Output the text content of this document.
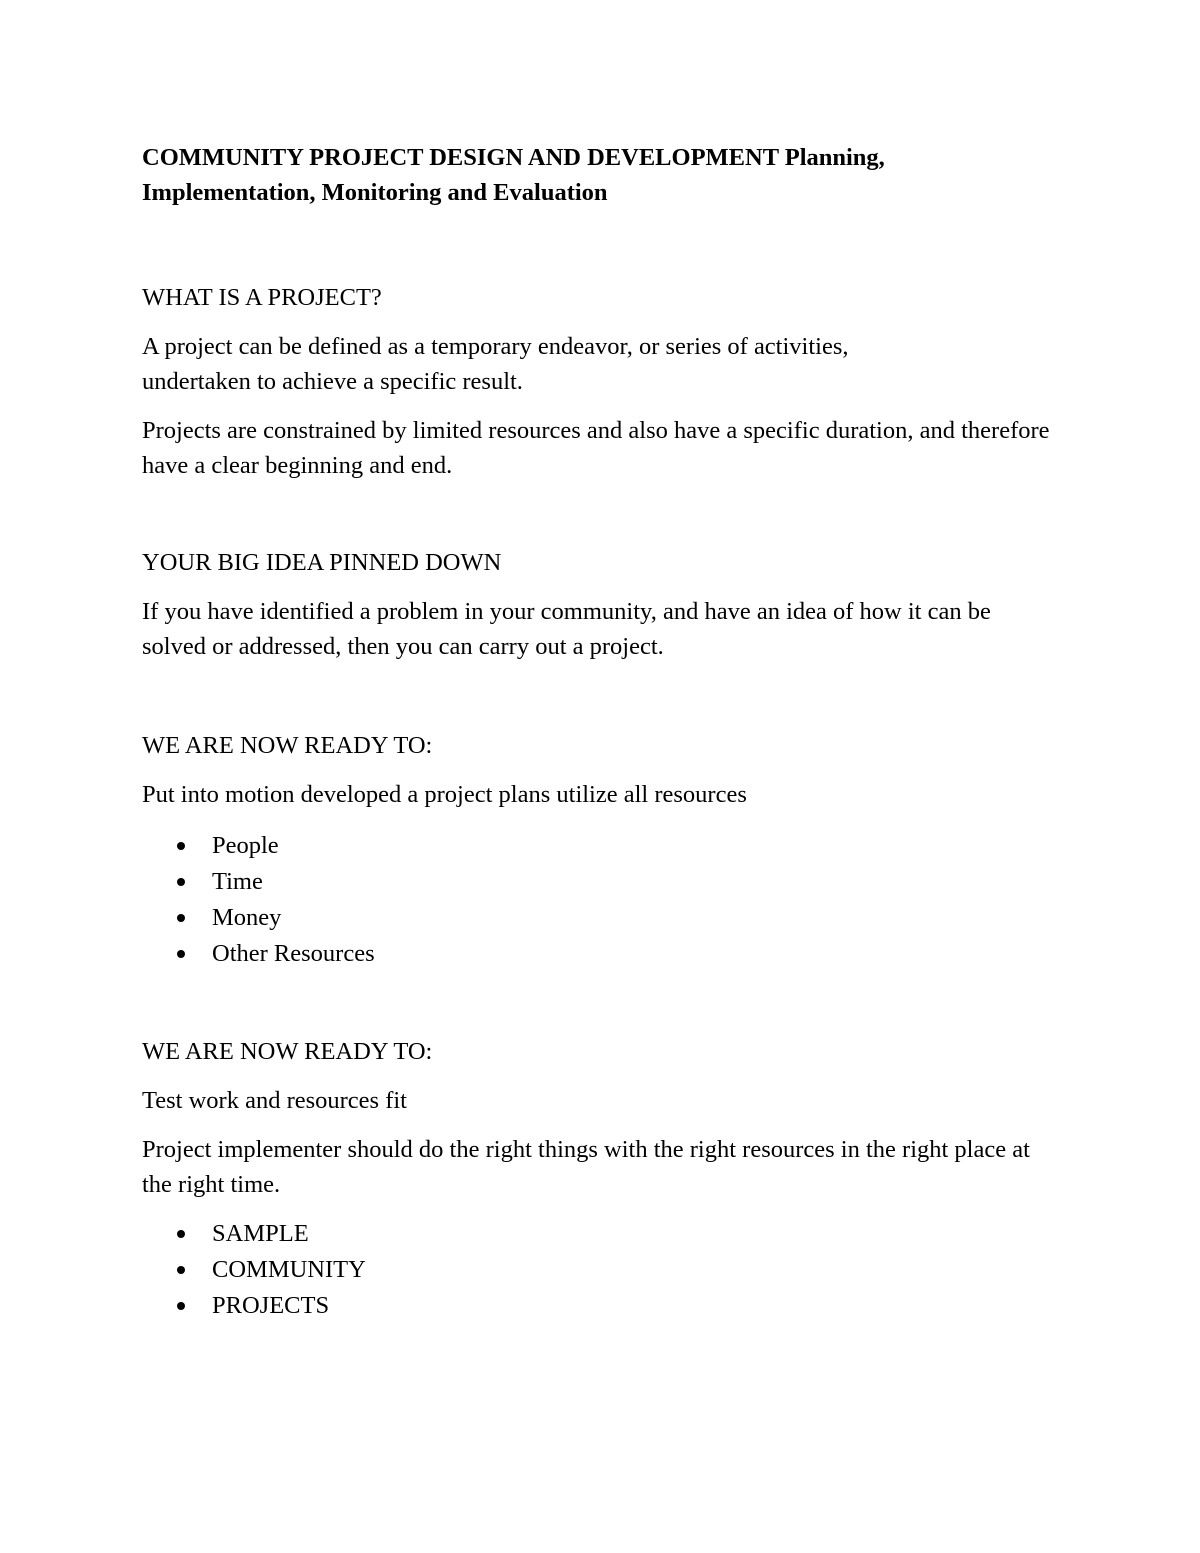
COMMUNITY PROJECT DESIGN AND DEVELOPMENT Planning, Implementation, Monitoring and Evaluation
WHAT IS A PROJECT?

A project can be defined as a temporary endeavor, or series of activities, undertaken to achieve a specific result.

Projects are constrained by limited resources and also have a specific duration, and therefore have a clear beginning and end.

YOUR BIG IDEA PINNED DOWN

If you have identified a problem in your community, and have an idea of how it can be solved or addressed, then you can carry out a project.

WE ARE NOW READY TO:

Put into motion developed a project plans utilize all resources

People
Time
Money
Other Resources
WE ARE NOW READY TO:

Test work and resources fit

Project implementer should do the right things with the right resources in the right place at the right time.

SAMPLE
COMMUNITY
PROJECTS
